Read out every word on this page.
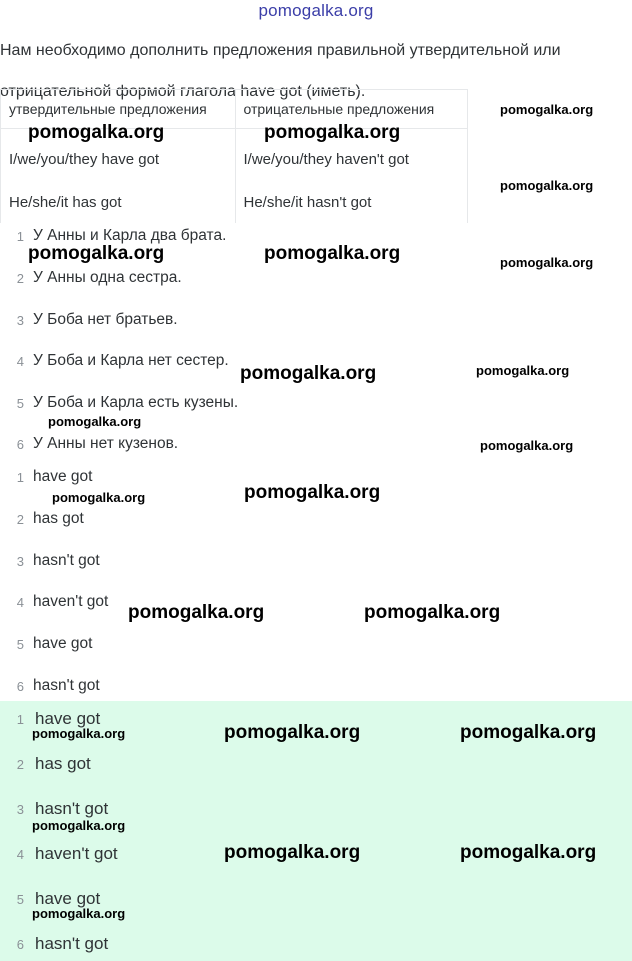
pomogalka.org
Нам необходимо дополнить предложения правильной утвердительной или
отрицательной формой глагола have got (иметь).
утвердительные предложения	отрицательные предложения
I/we/you/they have got	I/we/you/they haven't got
He/she/it has got	He/she/it hasn't got
1 У Анны и Карла два брата.
2 У Анны одна сестра.
3 У Боба нет братьев.
4 У Боба и Карла нет сестер.
5 У Боба и Карла есть кузены.
6 У Анны нет кузенов.
1 have got
2 has got
3 hasn't got
4 haven't got
5 have got
6 hasn't got
1 have got
2 has got
3 hasn't got
4 haven't got
5 have got
6 hasn't got
pomogalka.org	pomogalka.org
pomogalka.org
pomogalka.org
pomogalka.org	pomogalka.org	pomogalka.org
pomogalka.org	pomogalka.org
pomogalka.org
pomogalka.org
pomogalka.org	pomogalka.org
pomogalka.org	pomogalka.org
pomogalka.org	pomogalka.org	pomogalka.org
pomogalka.org
pomogalka.org	pomogalka.org
pomogalka.org
